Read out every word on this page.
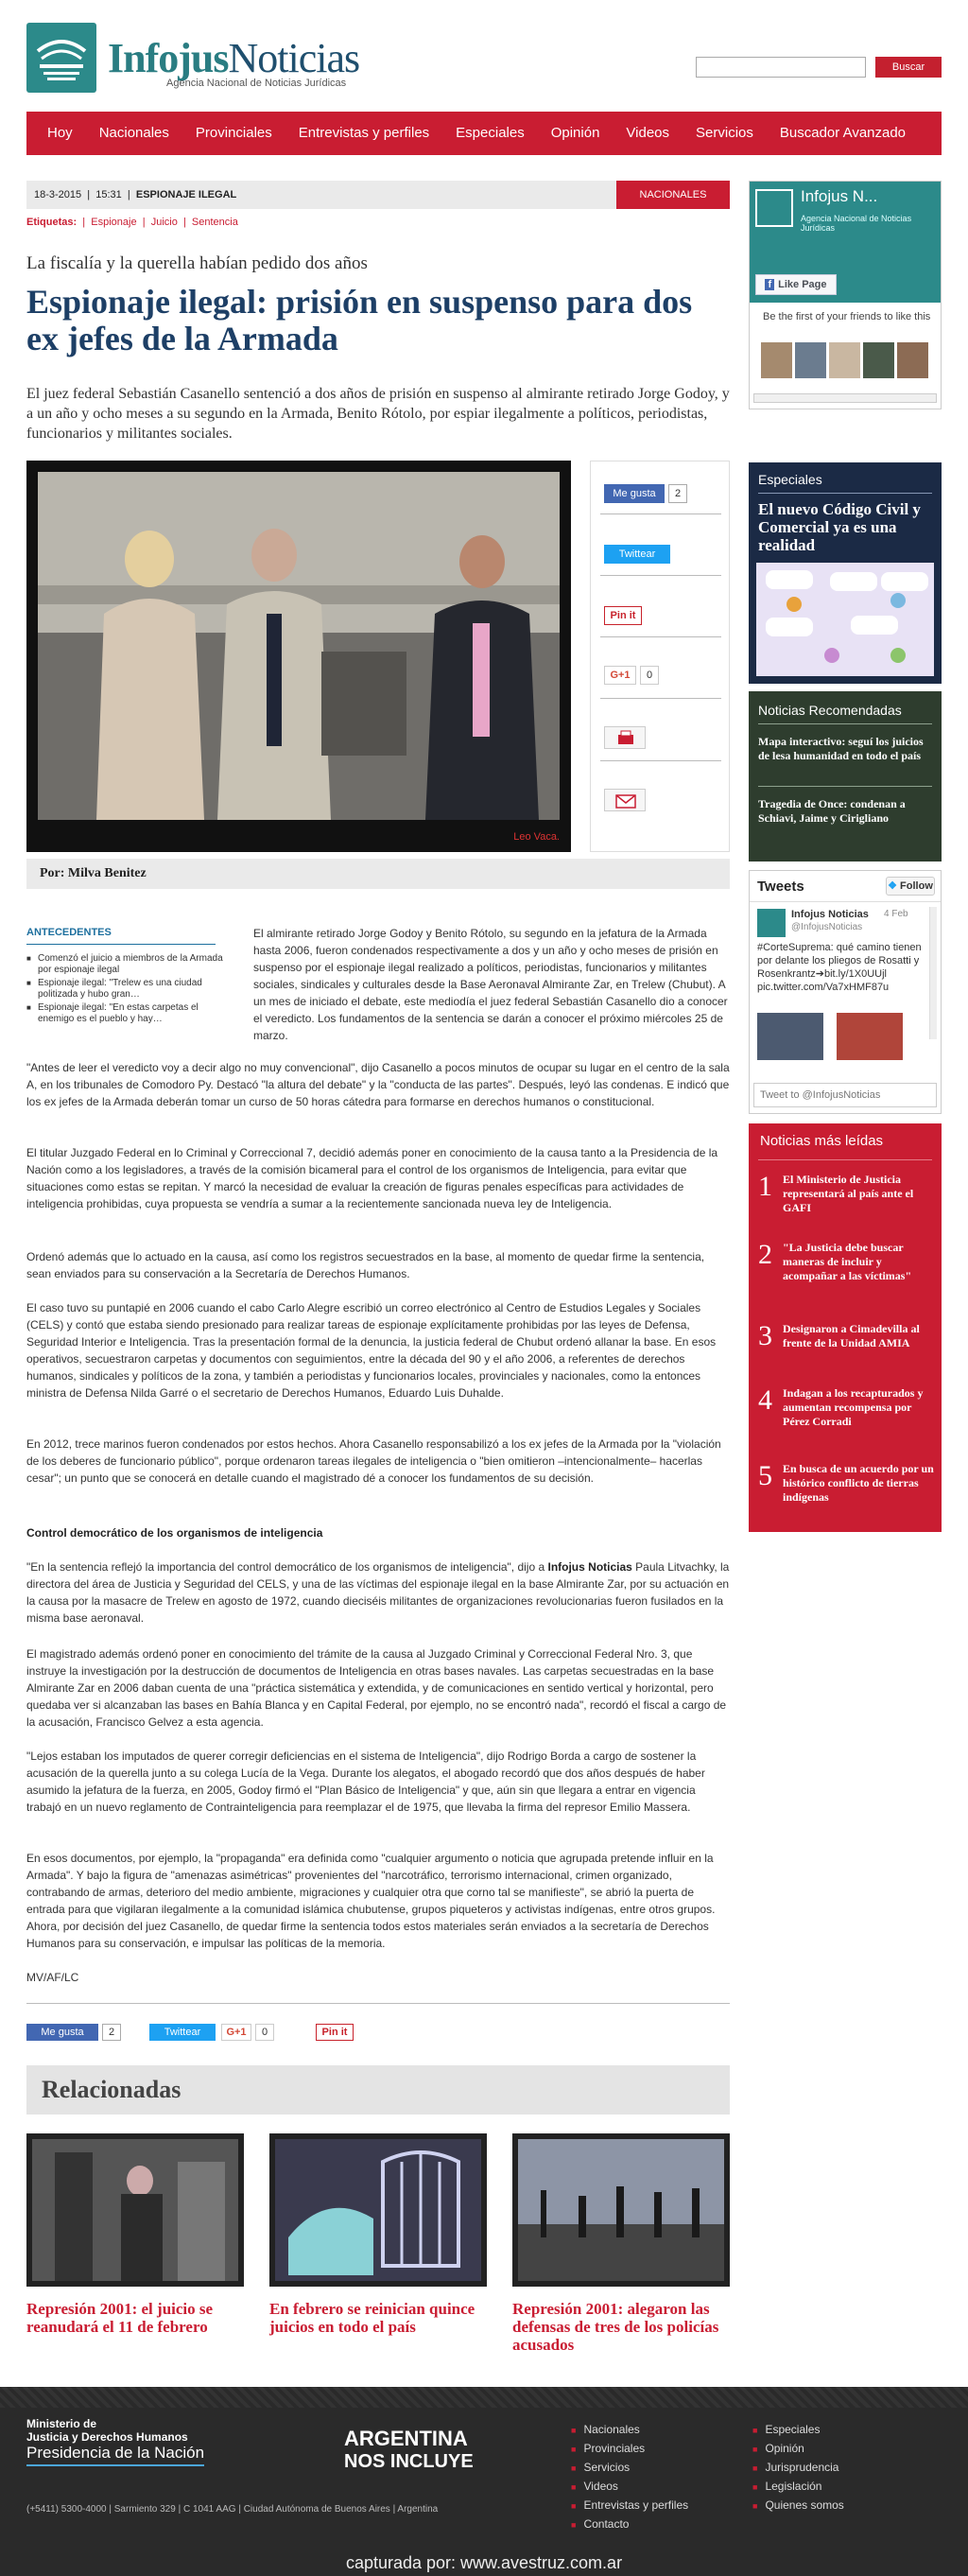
InfojusNoticias
Agencia Nacional de Noticias Jurídicas
Buscar
Hoy	Nacionales	Provinciales	Entrevistas y perfiles	Especiales	Opinión	Videos	Servicios	Buscador Avanzado
18-3-2015  |  15:31  |  ESPIONAJE ILEGAL	NACIONALES
Etiquetas:  |  Espionaje  |  Juicio  |  Sentencia
La fiscalía y la querella habían pedido dos años
Espionaje ilegal: prisión en suspenso para dos ex jefes de la Armada
El juez federal Sebastián Casanello sentenció a dos años de prisión en suspenso al almirante retirado Jorge Godoy, y a un año y ocho meses a su segundo en la Armada, Benito Rótolo, por espiar ilegalmente a políticos, periodistas, funcionarios y militantes sociales.
Leo Vaca.
Me gusta	2
Twittear
Pin it
G+1	0
Por: Milva Benitez
ANTECEDENTES
■ Comenzó el juicio a miembros de la Armada por espionaje ilegal
■ Espionaje ilegal: "Trelew es una ciudad politizada y hubo gran…
■ Espionaje ilegal: "En estas carpetas el enemigo es el pueblo y hay…
El almirante retirado Jorge Godoy y Benito Rótolo, su segundo en la jefatura de la Armada hasta 2006, fueron condenados respectivamente a dos y un año y ocho meses de prisión en suspenso por el espionaje ilegal realizado a políticos, periodistas, funcionarios y militantes sociales, sindicales y culturales desde la Base Aeronaval Almirante Zar, en Trelew (Chubut). A un mes de iniciado el debate, este mediodía el juez federal Sebastián Casanello dio a conocer el veredicto. Los fundamentos de la sentencia se darán a conocer el próximo miércoles 25 de marzo.
"Antes de leer el veredicto voy a decir algo no muy convencional", dijo Casanello a pocos minutos de ocupar su lugar en el centro de la sala A, en los tribunales de Comodoro Py. Destacó "la altura del debate" y la "conducta de las partes". Después, leyó las condenas. E indicó que los ex jefes de la Armada deberán tomar un curso de 50 horas cátedra para formarse en derechos humanos o constitucional.
El titular Juzgado Federal en lo Criminal y Correccional 7, decidió además poner en conocimiento de la causa tanto a la Presidencia de la Nación como a los legisladores, a través de la comisión bicameral para el control de los organismos de Inteligencia, para evitar que situaciones como estas se repitan. Y marcó la necesidad de evaluar la creación de figuras penales específicas para actividades de inteligencia prohibidas, cuya propuesta se vendría a sumar a la recientemente sancionada nueva ley de Inteligencia.
Ordenó además que lo actuado en la causa, así como los registros secuestrados en la base, al momento de quedar firme la sentencia, sean enviados para su conservación a la Secretaría de Derechos Humanos.
El caso tuvo su puntapié en 2006 cuando el cabo Carlo Alegre escribió un correo electrónico al Centro de Estudios Legales y Sociales (CELS) y contó que estaba siendo presionado para realizar tareas de espionaje explícitamente prohibidas por las leyes de Defensa, Seguridad Interior e Inteligencia. Tras la presentación formal de la denuncia, la justicia federal de Chubut ordenó allanar la base. En esos operativos, secuestraron carpetas y documentos con seguimientos, entre la década del 90 y el año 2006, a referentes de derechos humanos, sindicales y políticos de la zona, y también a periodistas y funcionarios locales, provinciales y nacionales, como la entonces ministra de Defensa Nilda Garré o el secretario de Derechos Humanos, Eduardo Luis Duhalde.
En 2012, trece marinos fueron condenados por estos hechos. Ahora Casanello responsabilizó a los ex jefes de la Armada por la "violación de los deberes de funcionario público", porque ordenaron tareas ilegales de inteligencia o "bien omitieron –intencionalmente– hacerlas cesar"; un punto que se conocerá en detalle cuando el magistrado dé a conocer los fundamentos de su decisión.
Control democrático de los organismos de inteligencia
"En la sentencia reflejó la importancia del control democrático de los organismos de inteligencia", dijo a Infojus Noticias Paula Litvachky, la directora del área de Justicia y Seguridad del CELS, y una de las víctimas del espionaje ilegal en la base Almirante Zar, por su actuación en la causa por la masacre de Trelew en agosto de 1972, cuando dieciséis militantes de organizaciones revolucionarias fueron fusilados en la misma base aeronaval.
El magistrado además ordenó poner en conocimiento del trámite de la causa al Juzgado Criminal y Correccional Federal Nro. 3, que instruye la investigación por la destrucción de documentos de Inteligencia en otras bases navales. Las carpetas secuestradas en la base Almirante Zar en 2006 daban cuenta de una "práctica sistemática y extendida, y de comunicaciones en sentido vertical y horizontal, pero quedaba ver si alcanzaban las bases en Bahía Blanca y en Capital Federal, por ejemplo, no se encontró nada", recordó el fiscal a cargo de la acusación, Francisco Gelvez a esta agencia.
"Lejos estaban los imputados de querer corregir deficiencias en el sistema de Inteligencia", dijo Rodrigo Borda a cargo de sostener la acusación de la querella junto a su colega Lucía de la Vega. Durante los alegatos, el abogado recordó que dos años después de haber asumido la jefatura de la fuerza, en 2005, Godoy firmó el "Plan Básico de Inteligencia" y que, aún sin que llegara a entrar en vigencia trabajó en un nuevo reglamento de Contrainteligencia para reemplazar el de 1975, que llevaba la firma del represor Emilio Massera.
En esos documentos, por ejemplo, la "propaganda" era definida como "cualquier argumento o noticia que agrupada pretende influir en la Armada". Y bajo la figura de "amenazas asimétricas" provenientes del "narcotráfico, terrorismo internacional, crimen organizado, contrabando de armas, deterioro del medio ambiente, migraciones y cualquier otra que corno tal se manifieste", se abrió la puerta de entrada para que vigilaran ilegalmente a la comunidad islámica chubutense, grupos piqueteros y activistas indígenas, entre otros grupos. Ahora, por decisión del juez Casanello, de quedar firme la sentencia todos estos materiales serán enviados a la secretaría de Derechos Humanos para su conservación, e impulsar las políticas de la memoria.
MV/AF/LC
Me gusta	2	Twittear	G+1	0	Pin it
Relacionadas
Represión 2001: el juicio se reanudará el 11 de febrero
En febrero se reinician quince juicios en todo el país
Represión 2001: alegaron las defensas de tres de los policías acusados
Infojus N...
Agencia Nacional de Noticias Jurídicas
f Like Page
Be the first of your friends to like this
Especiales
El nuevo Código Civil y Comercial ya es una realidad
Noticias Recomendadas
Mapa interactivo: seguí los juicios de lesa humanidad en todo el país
Tragedia de Once: condenan a Schiavi, Jaime y Cirigliano
Tweets	❖ Follow
Infojus Noticias
@InfojusNoticias
4 Feb
#CorteSuprema: qué camino tienen por delante los pliegos de Rosatti y Rosenkrantz➔bit.ly/1X0UUjl pic.twitter.com/Va7xHMF87u
Tweet to @InfojusNoticias
Noticias más leídas
1 El Ministerio de Justicia representará al país ante el GAFI
2 "La Justicia debe buscar maneras de incluir y acompañar a las víctimas"
3 Designaron a Cimadevilla al frente de la Unidad AMIA
4 Indagan a los recapturados y aumentan recompensa por Pérez Corradi
5 En busca de un acuerdo por un histórico conflicto de tierras indígenas
Ministerio de
Justicia y Derechos Humanos
Presidencia de la Nación
ARGENTINA
NOS INCLUYE
(+5411) 5300-4000 | Sarmiento 329 | C 1041 AAG | Ciudad Autónoma de Buenos Aires | Argentina
■ Nacionales
■ Provinciales
■ Servicios
■ Videos
■ Entrevistas y perfiles
■ Contacto
■ Especiales
■ Opinión
■ Jurisprudencia
■ Legislación
■ Quienes somos
capturada por: www.avestruz.com.ar
